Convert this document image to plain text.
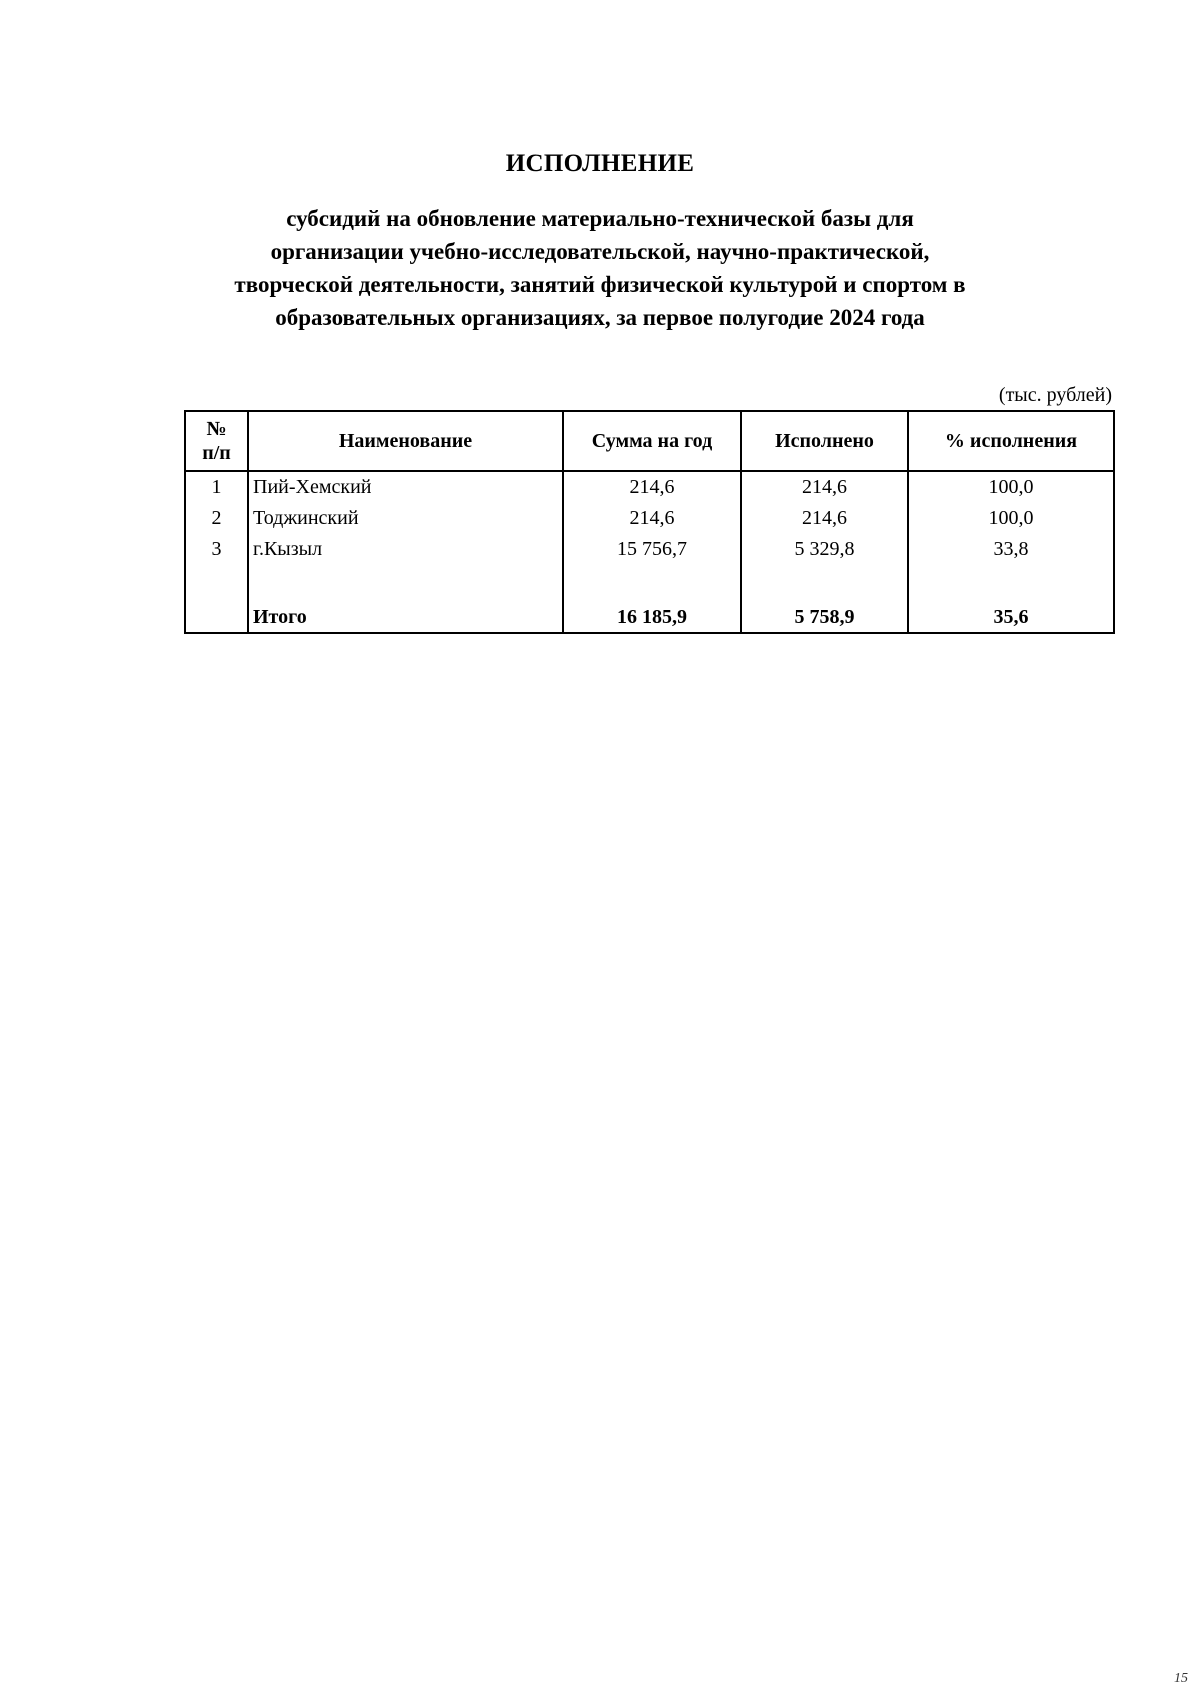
ИСПОЛНЕНИЕ
субсидий на обновление материально-технической базы для
организации учебно-исследовательской, научно-практической,
творческой деятельности, занятий физической культурой и спортом в
образовательных организациях, за первое полугодие 2024 года
(тыс. рублей)
№
п/п	Наименование	Сумма на год	Исполнено	% исполнения
1	Пий-Хемский	214,6	214,6	100,0
2	Тоджинский	214,6	214,6	100,0
3	г.Кызыл	15 756,7	5 329,8	33,8

	Итого	16 185,9	5 758,9	35,6
15
